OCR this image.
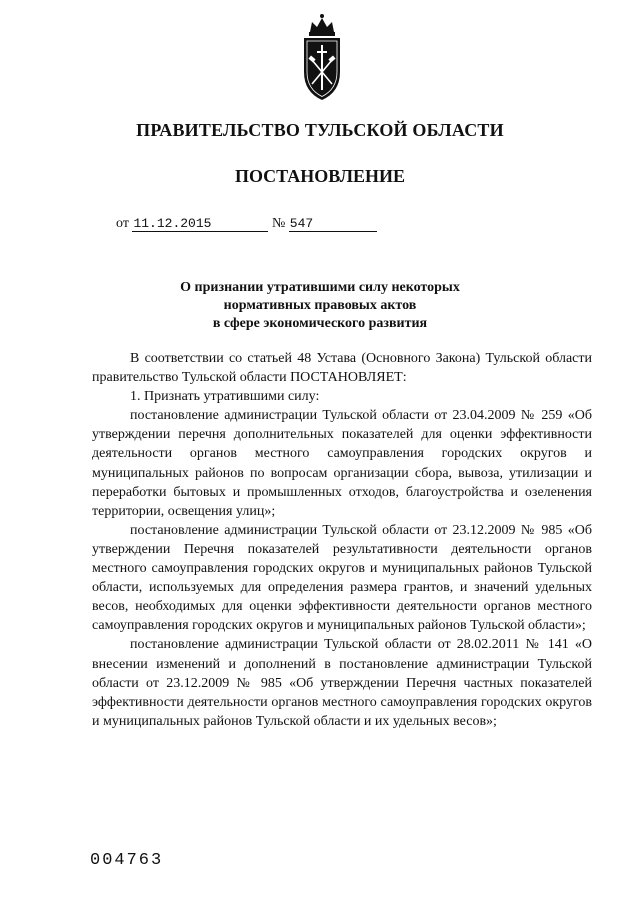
ПРАВИТЕЛЬСТВО ТУЛЬСКОЙ ОБЛАСТИ
ПОСТАНОВЛЕНИЕ
от 11.12.2015	№ 547
О признании утратившими силу некоторых
нормативных правовых актов
в сфере экономического развития

В соответствии со статьей 48 Устава (Основного Закона) Тульской области правительство Тульской области ПОСТАНОВЛЯЕТ:

1. Признать утратившими силу:

постановление администрации Тульской области от 23.04.2009 № 259 «Об утверждении перечня дополнительных показателей для оценки эффективности деятельности органов местного самоуправления городских округов и муниципальных районов по вопросам организации сбора, вывоза, утилизации и переработки бытовых и промышленных отходов, благоустройства и озеленения территории, освещения улиц»;

постановление администрации Тульской области от 23.12.2009 № 985 «Об утверждении Перечня показателей результативности деятельности органов местного самоуправления городских округов и муниципальных районов Тульской области, используемых для определения размера грантов, и значений удельных весов, необходимых для оценки эффективности деятельности органов местного самоуправления городских округов и муниципальных районов Тульской области»;

постановление администрации Тульской области от 28.02.2011 № 141 «О внесении изменений и дополнений в постановление администрации Тульской области от 23.12.2009 № 985 «Об утверждении Перечня частных показателей эффективности деятельности органов местного самоуправления городских округов и муниципальных районов Тульской области и их удельных весов»;

004763
